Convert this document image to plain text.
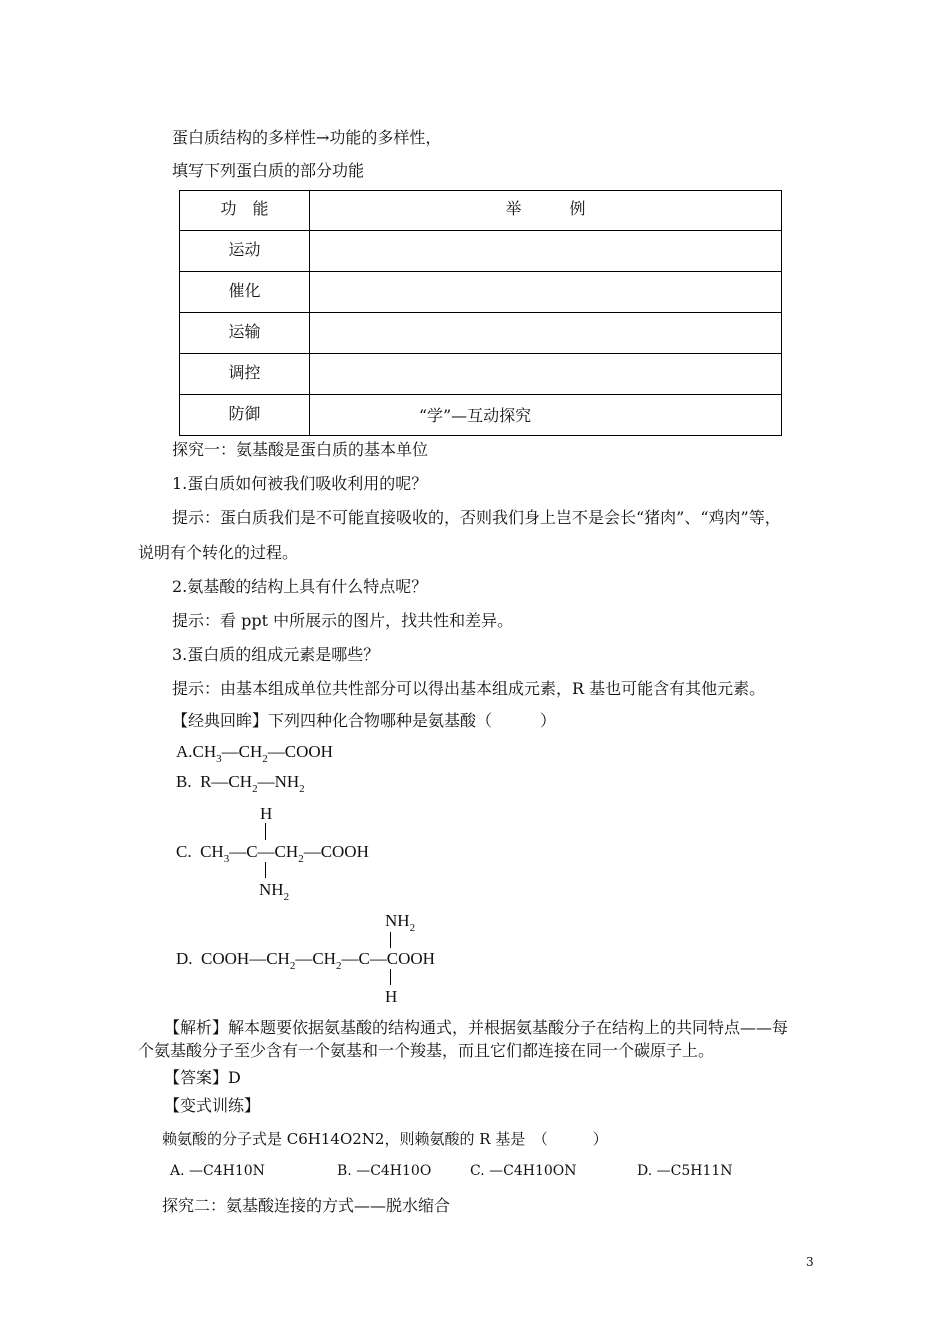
蛋白质结构的多样性→功能的多样性，
填写下列蛋白质的部分功能
功　能	举　　　例
运动	
催化	
运输	
调控	
防御		“学”—互动探究
探究一：氨基酸是蛋白质的基本单位
1.蛋白质如何被我们吸收利用的呢？
提示：蛋白质我们是不可能直接吸收的，否则我们身上岂不是会长“猪肉”、“鸡肉”等，
说明有个转化的过程。
2.氨基酸的结构上具有什么特点呢？
提示：看 ppt 中所展示的图片，找共性和差异。
3.蛋白质的组成元素是哪些？
提示：由基本组成单位共性部分可以得出基本组成元素，R 基也可能含有其他元素。
【经典回眸】下列四种化合物哪种是氨基酸（　　　）
$A.CH_3—CH_2—COOH$
B. $R—CH_2—NH_2$
H
C. $CH_3—C—CH_2—COOH$
$NH_2$
$NH_2$
D. $COOH—CH_2—CH_2—C—COOH$
H
【解析】解本题要依据氨基酸的结构通式，并根据氨基酸分子在结构上的共同特点——每
个氨基酸分子至少含有一个氨基和一个羧基，而且它们都连接在同一个碳原子上。
【答案】D
【变式训练】
赖氨酸的分子式是 C6H14O2N2，则赖氨酸的 R 基是　（　　　）
A. —C4H10N	B. —C4H10O	C. —C4H10ON	D. —C5H11N
探究二：氨基酸连接的方式——脱水缩合
3
